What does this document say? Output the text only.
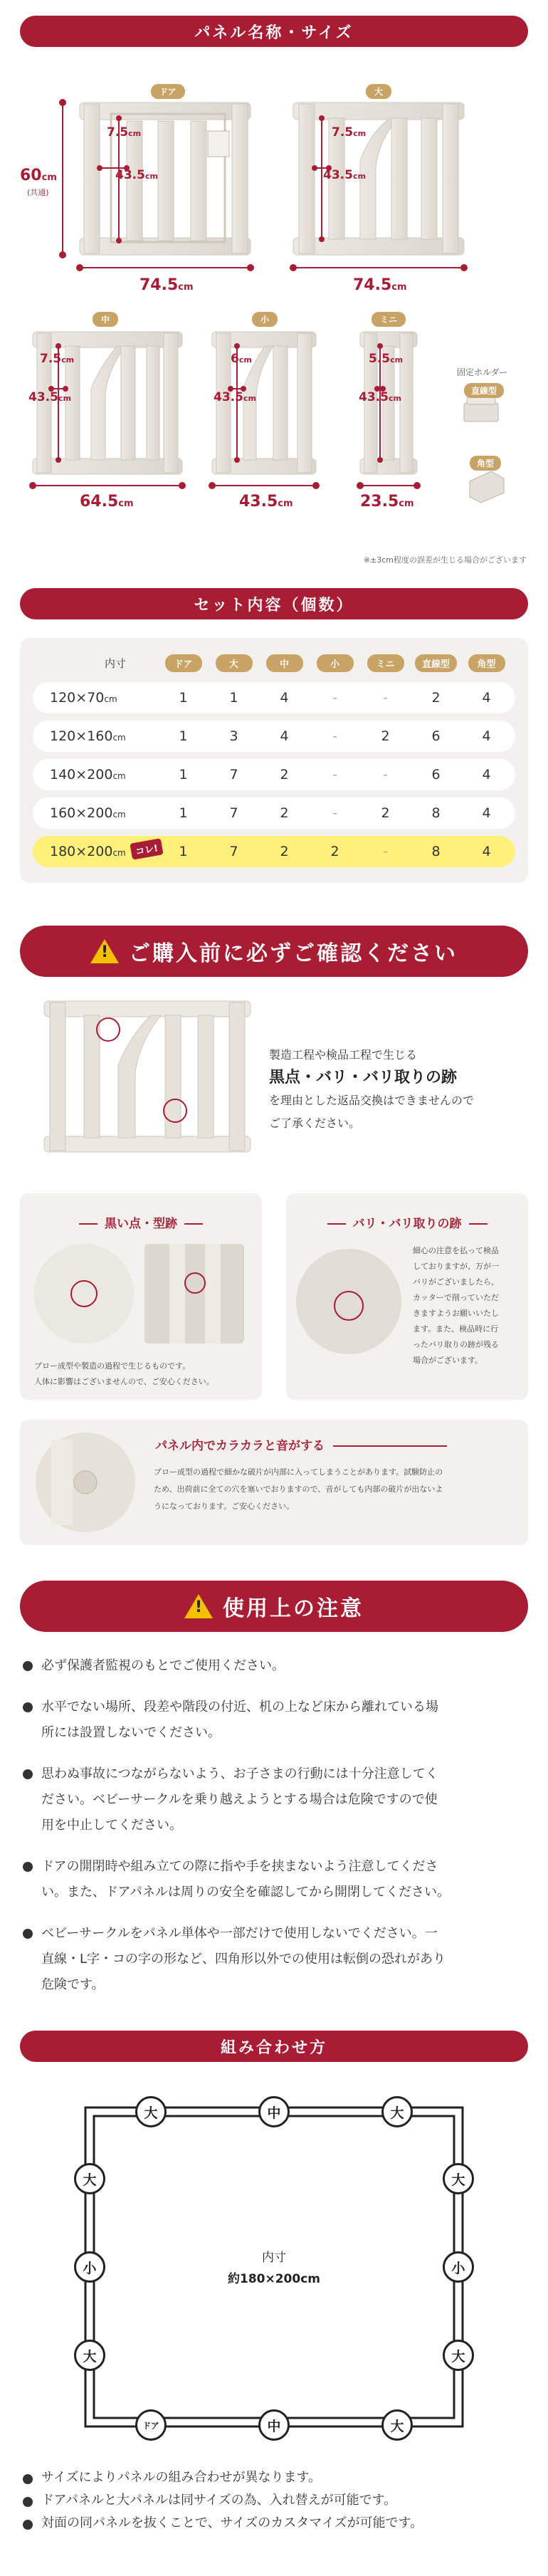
パネル名称・サイズ
ドア	大
中	小	ミニ
60cm
(共通)
7.5cm
43.5cm
74.5cm
7.5cm
43.5cm
74.5cm
7.5cm
43.5cm
64.5cm
6cm
43.5cm
43.5cm
5.5cm
43.5cm
23.5cm
固定ホルダー
直線型
角型
※±3cm程度の誤差が生じる場合がございます
セット内容（個数）
内寸	ドア	大	中	小	ミニ	直線型	角型
120×70cm	1	1	4	-	-	2	4
120×160cm	1	3	4	-	2	6	4
140×200cm	1	7	2	-	-	6	4
160×200cm	1	7	2	-	2	8	4
180×200cm コレ!	1	7	2	2	-	8	4
!
ご購入前に必ずご確認ください
製造工程や検品工程で生じる
黒点・バリ・バリ取りの跡
を理由とした返品交換はできませんので
ご了承ください。
黒い点・型跡
ブロー成型や製造の過程で生じるものです。
人体に影響はございませんので、ご安心ください。
バリ・バリ取りの跡
細心の注意を払って検品
しておりますが、万が一
バリがございましたら、
カッターで削っていただ
きますようお願いいたし
ます。また、検品時に行
ったバリ取りの跡が残る
場合がございます。
パネル内でカラカラと音がする
ブロー成型の過程で細かな破片が内部に入ってしまうことがあります。試験防止の
ため、出荷前に全ての穴を塞いでおりますので、音がしても内部の破片が出ないよ
うになっております。ご安心ください。
!
使用上の注意
必ず保護者監視のもとでご使用ください。
水平でない場所、段差や階段の付近、机の上など床から離れている場
所には設置しないでください。
思わぬ事故につながらないよう、お子さまの行動には十分注意してく
ださい。ベビーサークルを乗り越えようとする場合は危険ですので使
用を中止してください。
ドアの開閉時や組み立ての際に指や手を挟まないよう注意してくださ
い。また、ドアパネルは周りの安全を確認してから開閉してください。
ベビーサークルをパネル単体や一部だけで使用しないでください。一
直線・L字・コの字の形など、四角形以外での使用は転倒の恐れがあり
危険です。
組み合わせ方
内寸
約180×200cm
大	中	大
大
小
大
大
小
大
ドア	中	大
サイズによりパネルの組み合わせが異なります。
ドアパネルと大パネルは同サイズの為、入れ替えが可能です。
対面の同パネルを抜くことで、サイズのカスタマイズが可能です。
